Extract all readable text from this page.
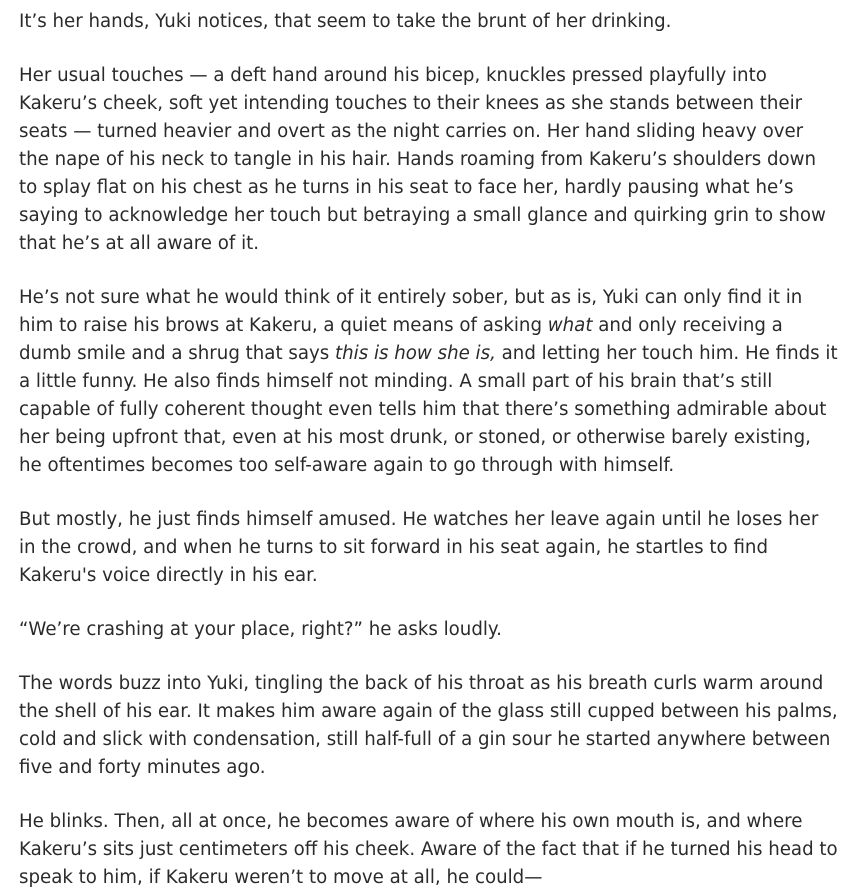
It’s her hands, Yuki notices, that seem to take the brunt of her drinking.

Her usual touches — a deft hand around his bicep, knuckles pressed playfully into Kakeru’s cheek, soft yet intending touches to their knees as she stands between their seats — turned heavier and overt as the night carries on. Her hand sliding heavy over the nape of his neck to tangle in his hair. Hands roaming from Kakeru’s shoulders down to splay flat on his chest as he turns in his seat to face her, hardly pausing what he’s saying to acknowledge her touch but betraying a small glance and quirking grin to show that he’s at all aware of it.

He’s not sure what he would think of it entirely sober, but as is, Yuki can only find it in him to raise his brows at Kakeru, a quiet means of asking what and only receiving a dumb smile and a shrug that says this is how she is, and letting her touch him. He finds it a little funny. He also finds himself not minding. A small part of his brain that’s still capable of fully coherent thought even tells him that there’s something admirable about her being upfront that, even at his most drunk, or stoned, or otherwise barely existing, he oftentimes becomes too self-aware again to go through with himself.

But mostly, he just finds himself amused. He watches her leave again until he loses her in the crowd, and when he turns to sit forward in his seat again, he startles to find Kakeru's voice directly in his ear.

“We’re crashing at your place, right?” he asks loudly.

The words buzz into Yuki, tingling the back of his throat as his breath curls warm around the shell of his ear. It makes him aware again of the glass still cupped between his palms, cold and slick with condensation, still half-full of a gin sour he started anywhere between five and forty minutes ago.

He blinks. Then, all at once, he becomes aware of where his own mouth is, and where Kakeru’s sits just centimeters off his cheek. Aware of the fact that if he turned his head to speak to him, if Kakeru weren’t to move at all, he could—
